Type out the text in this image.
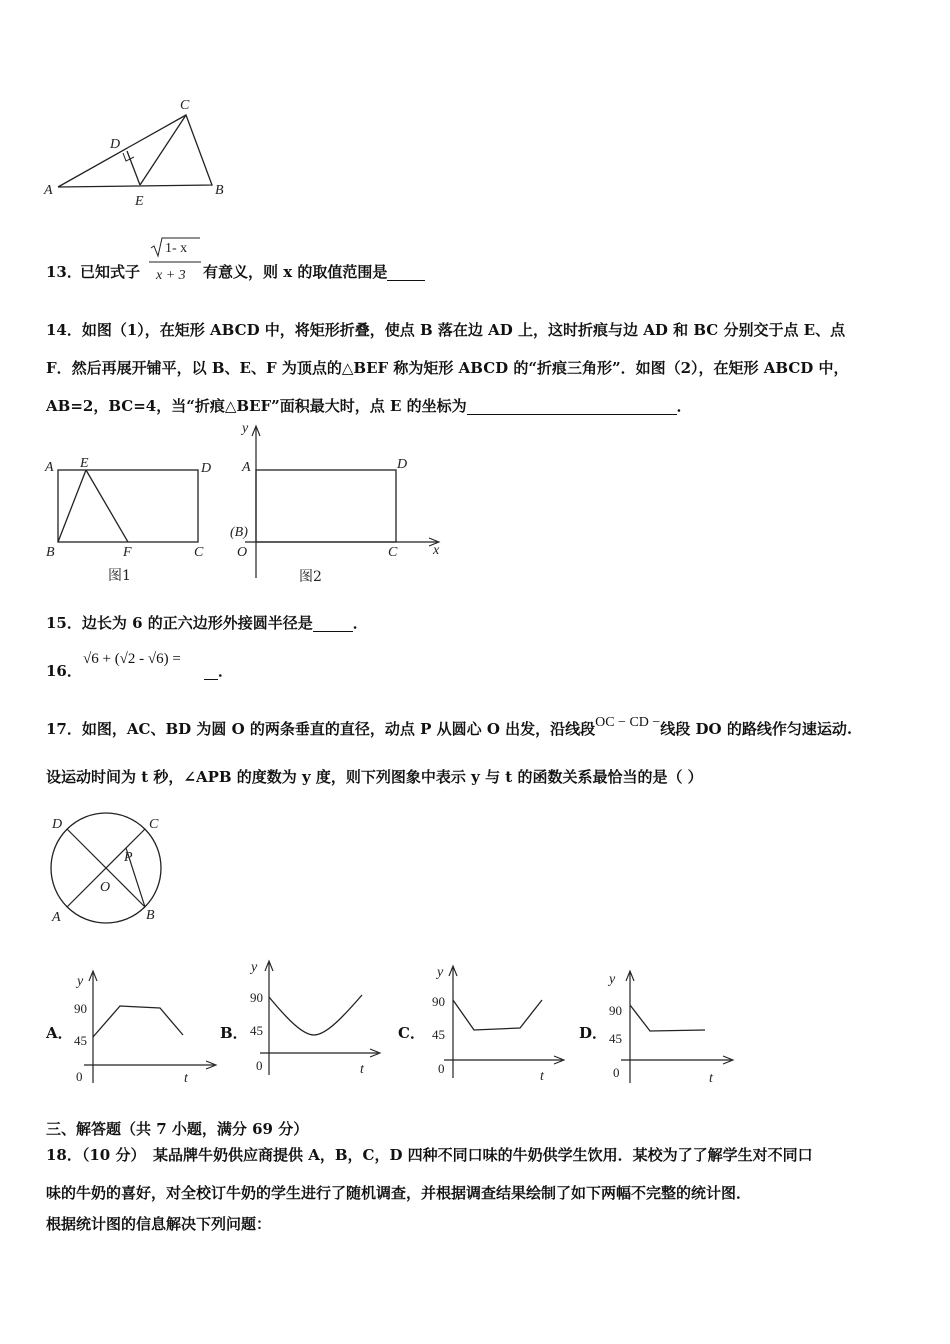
A
C
D
E
B
13．
已知式子
1- x
x + 3 有意义，则 x 的取值范围是
14．如图（1），在矩形 ABCD 中，将矩形折叠，使点 B 落在边 AD 上，这时折痕与边 AD 和 BC 分别交于点 E、点
F．然后再展开铺平，以 B、E、F 为顶点的△BEF 称为矩形 ABCD 的“折痕三角形”．如图（2），在矩形 ABCD 中，
AB=2，BC=4，当“折痕△BEF”面积最大时，点 E 的坐标为	．
A E	D
B	F	C
图1
y
A	D
(B)
O	C	x
图2
15．边长为 6 的正六边形外接圆半径是	．
16．
√6 + (√2 - √6) =
．
17．如图，AC、BD 为圆 O 的两条垂直的直径，动点 P 从圆心 O 出发，沿线段OC − CD −线段 DO 的路线作匀速运动.
设运动时间为 t 秒，∠APB 的度数为 y 度，则下列图象中表示 y 与 t 的函数关系最恰当的是（ ）
D	C
P
O
A	B
A．
y
90
45
0	t
B．
y
90
45
0	t
C．
y
90
45
0
t
D．
y
90
45
0	t
三、解答题（共 7 小题，满分 69 分）
18．（10 分）　某品牌牛奶供应商提供 A，B，C，D 四种不同口味的牛奶供学生饮用．某校为了了解学生对不同口
味的牛奶的喜好，对全校订牛奶的学生进行了随机调查，并根据调查结果绘制了如下两幅不完整的统计图．
根据统计图的信息解决下列问题：
